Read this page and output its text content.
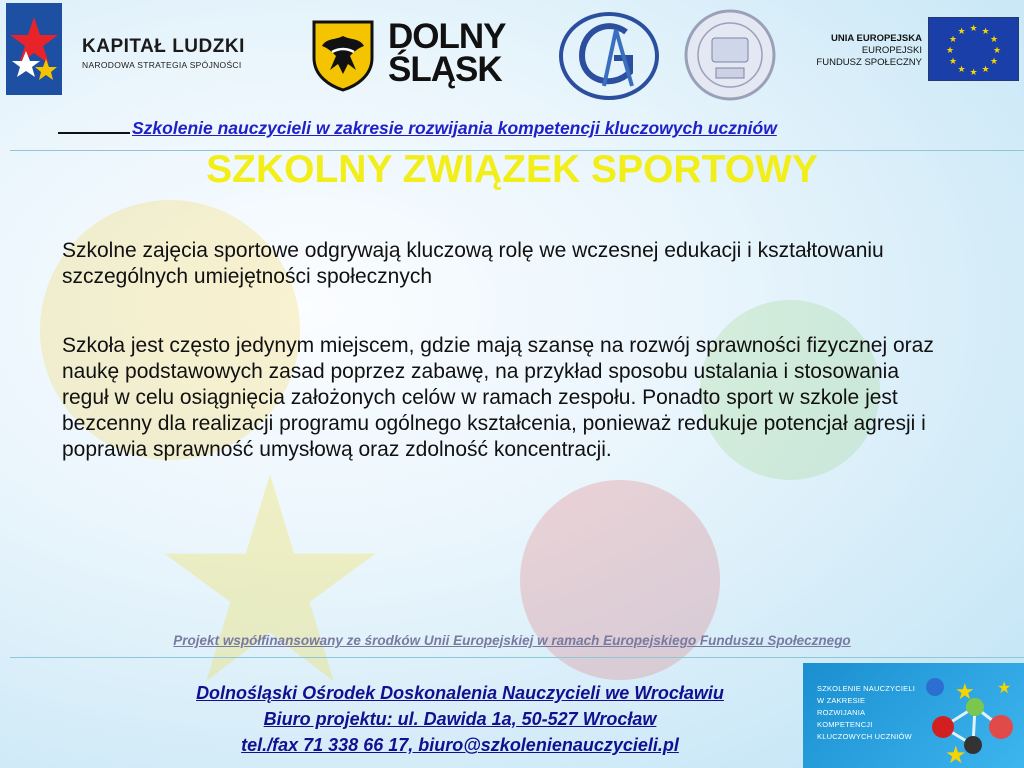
KAPITAŁ LUDZKI
NARODOWA STRATEGIA SPÓJNOŚCI
DOLNY
ŚLĄSK
UNIA EUROPEJSKA
EUROPEJSKI
FUNDUSZ SPOŁECZNY
★ ★
★
★
★
★
★
★
★
★
★
★
Szkolenie nauczycieli w zakresie rozwijania kompetencji kluczowych uczniów
SZKOLNY ZWIĄZEK SPORTOWY
Szkolne zajęcia sportowe odgrywają kluczową rolę we wczesnej edukacji i kształtowaniu szczególnych umiejętności społecznych
Szkoła jest często jedynym miejscem, gdzie mają szansę na rozwój sprawności fizycznej oraz naukę podstawowych zasad poprzez zabawę, na przykład sposobu ustalania i stosowania reguł w celu osiągnięcia założonych celów w ramach zespołu. Ponadto sport w szkole jest bezcenny dla realizacji programu ogólnego kształcenia, ponieważ redukuje potencjał agresji i poprawia sprawność umysłową oraz zdolność koncentracji.
Projekt współfinansowany ze środków Unii Europejskiej w ramach Europejskiego Funduszu Społecznego
Dolnośląski Ośrodek Doskonalenia Nauczycieli we Wrocławiu
Biuro projektu: ul. Dawida 1a, 50-527 Wrocław
tel./fax 71 338 66 17, biuro@szkolenienauczycieli.pl
SZKOLENIE NAUCZYCIELI
W ZAKRESIE
ROZWIJANIA
KOMPETENCJI
KLUCZOWYCH UCZNIÓW
★ ★
★
